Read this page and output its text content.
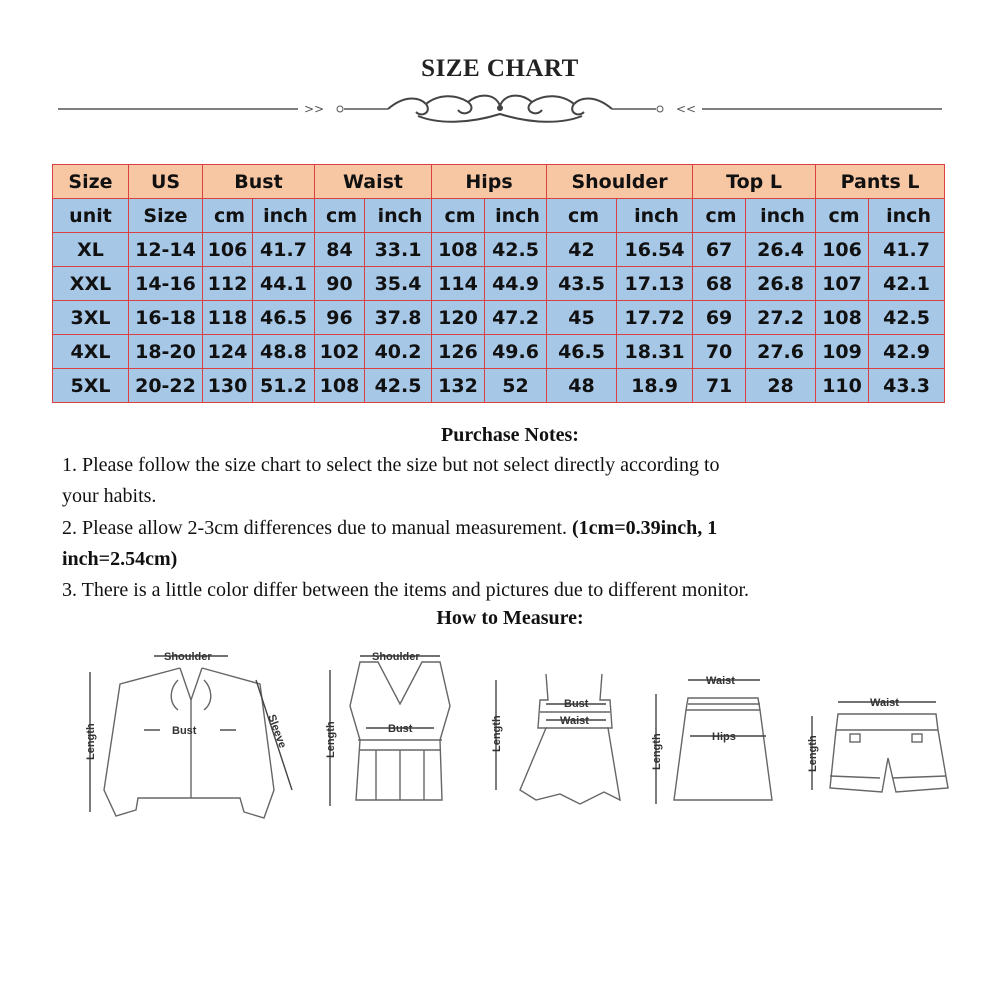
SIZE CHART
>>	<<
Size	US	Bust		Waist		Hips		Shoulder		Top L		Pants L	
unit	Size	cm	inch	cm	inch	cm	inch	cm	inch	cm	inch	cm	inch
XL	12-14	106	41.7	84	33.1	108	42.5	42	16.54	67	26.4	106	41.7
XXL	14-16	112	44.1	90	35.4	114	44.9	43.5	17.13	68	26.8	107	42.1
3XL	16-18	118	46.5	96	37.8	120	47.2	45	17.72	69	27.2	108	42.5
4XL	18-20	124	48.8	102	40.2	126	49.6	46.5	18.31	70	27.6	109	42.9
5XL	20-22	130	51.2	108	42.5	132	52	48	18.9	71	28	110	43.3
Purchase Notes:
1. Please follow the size chart to select the size but not select directly according to
your habits.
2. Please allow 2-3cm differences due to manual measurement. (1cm=0.39inch, 1
inch=2.54cm)
3. There is a little color differ between the items and pictures due to different monitor.
How to Measure:
Shoulder
Bust	Sleeve
Length
Shoulder
Bust
Length
Bust
Waist
Length
Waist
Hips
Length
Waist
Length
